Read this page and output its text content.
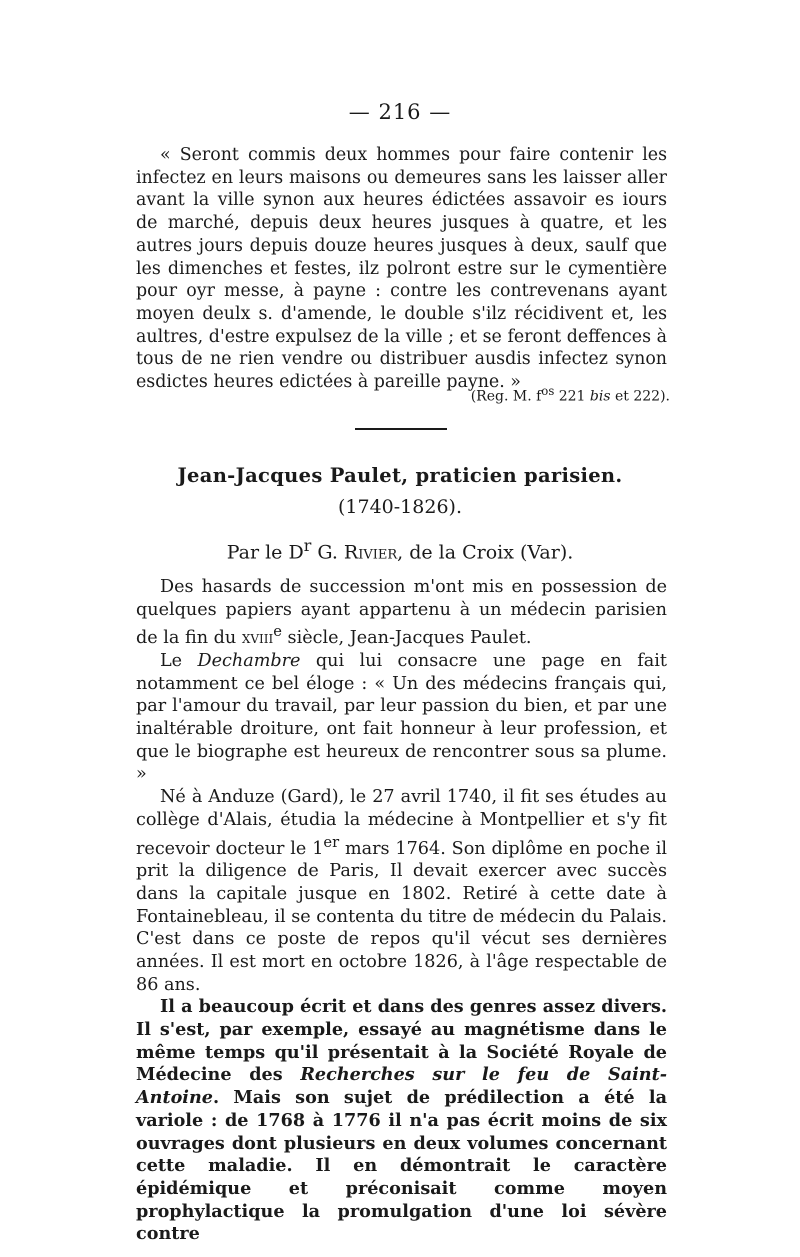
— 216 —

« Seront commis deux hommes pour faire contenir les infectez en leurs maisons ou demeures sans les laisser aller avant la ville synon aux heures édictées assavoir es iours de marché, depuis deux heures jusques à quatre, et les autres jours depuis douze heures jusques à deux, saulf que les dimenches et festes, ilz polront estre sur le cymentière pour oyr messe, à payne : contre les contrevenans ayant moyen deulx s. d'amende, le double s'ilz récidivent et, les aultres, d'estre expulsez de la ville ; et se feront deffences à tous de ne rien vendre ou distribuer ausdis infectez synon esdictes heures edictées à pareille payne. »

(Reg. M. $f^{os}$ 221 bis et 222).
Jean-Jacques Paulet, praticien parisien.
(1740-1826).
Par le $D^r$ G. Rivier, de la Croix (Var).

Des hasards de succession m'ont mis en possession de quelques papiers ayant appartenu à un médecin parisien de la fin du xviii$^e$ siècle, Jean-Jacques Paulet.

Le Dechambre qui lui consacre une page en fait notamment ce bel éloge : « Un des médecins français qui, par l'amour du travail, par leur passion du bien, et par une inaltérable droiture, ont fait honneur à leur profession, et que le biographe est heureux de rencontrer sous sa plume. »

Né à Anduze (Gard), le 27 avril 1740, il fit ses études au collège d'Alais, étudia la médecine à Montpellier et s'y fit recevoir docteur le 1er mars 1764. Son diplôme en poche il prit la diligence de Paris, Il devait exercer avec succès dans la capitale jusque en 1802. Retiré à cette date à Fontainebleau, il se contenta du titre de médecin du Palais. C'est dans ce poste de repos qu'il vécut ses dernières années. Il est mort en octobre 1826, à l'âge respectable de 86 ans.

Il a beaucoup écrit et dans des genres assez divers. Il s'est, par exemple, essayé au magnétisme dans le même temps qu'il présentait à la Société Royale de Médecine des Recherches sur le feu de Saint-Antoine. Mais son sujet de prédilection a été la variole : de 1768 à 1776 il n'a pas écrit moins de six ouvrages dont plusieurs en deux volumes concernant cette maladie. Il en démontrait le caractère épidémique et préconisait comme moyen prophylactique la promulgation d'une loi sévère contre
